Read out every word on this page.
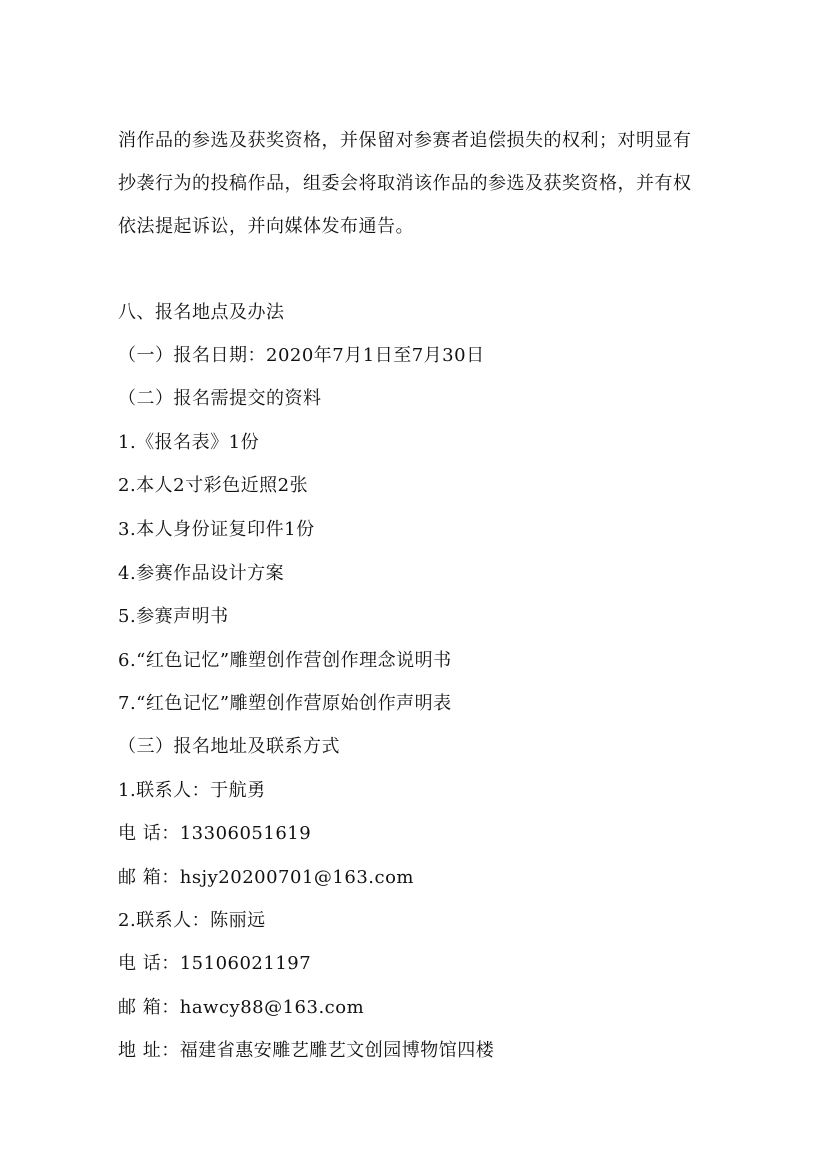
消作品的参选及获奖资格，并保留对参赛者追偿损失的权利；对明显有

抄袭行为的投稿作品，组委会将取消该作品的参选及获奖资格，并有权

依法提起诉讼，并向媒体发布通告。

八、报名地点及办法

（一）报名日期：2020年7月1日至7月30日

（二）报名需提交的资料

1.《报名表》1份

2.本人2寸彩色近照2张

3.本人身份证复印件1份

4.参赛作品设计方案

5.参赛声明书

6.“红色记忆”雕塑创作营创作理念说明书

7.“红色记忆”雕塑创作营原始创作声明表

（三）报名地址及联系方式

1.联系人：于航勇

电 话：13306051619

邮 箱：hsjy20200701@163.com

2.联系人：陈丽远

电 话：15106021197

邮 箱：hawcy88@163.com

地 址：福建省惠安雕艺雕艺文创园博物馆四楼
